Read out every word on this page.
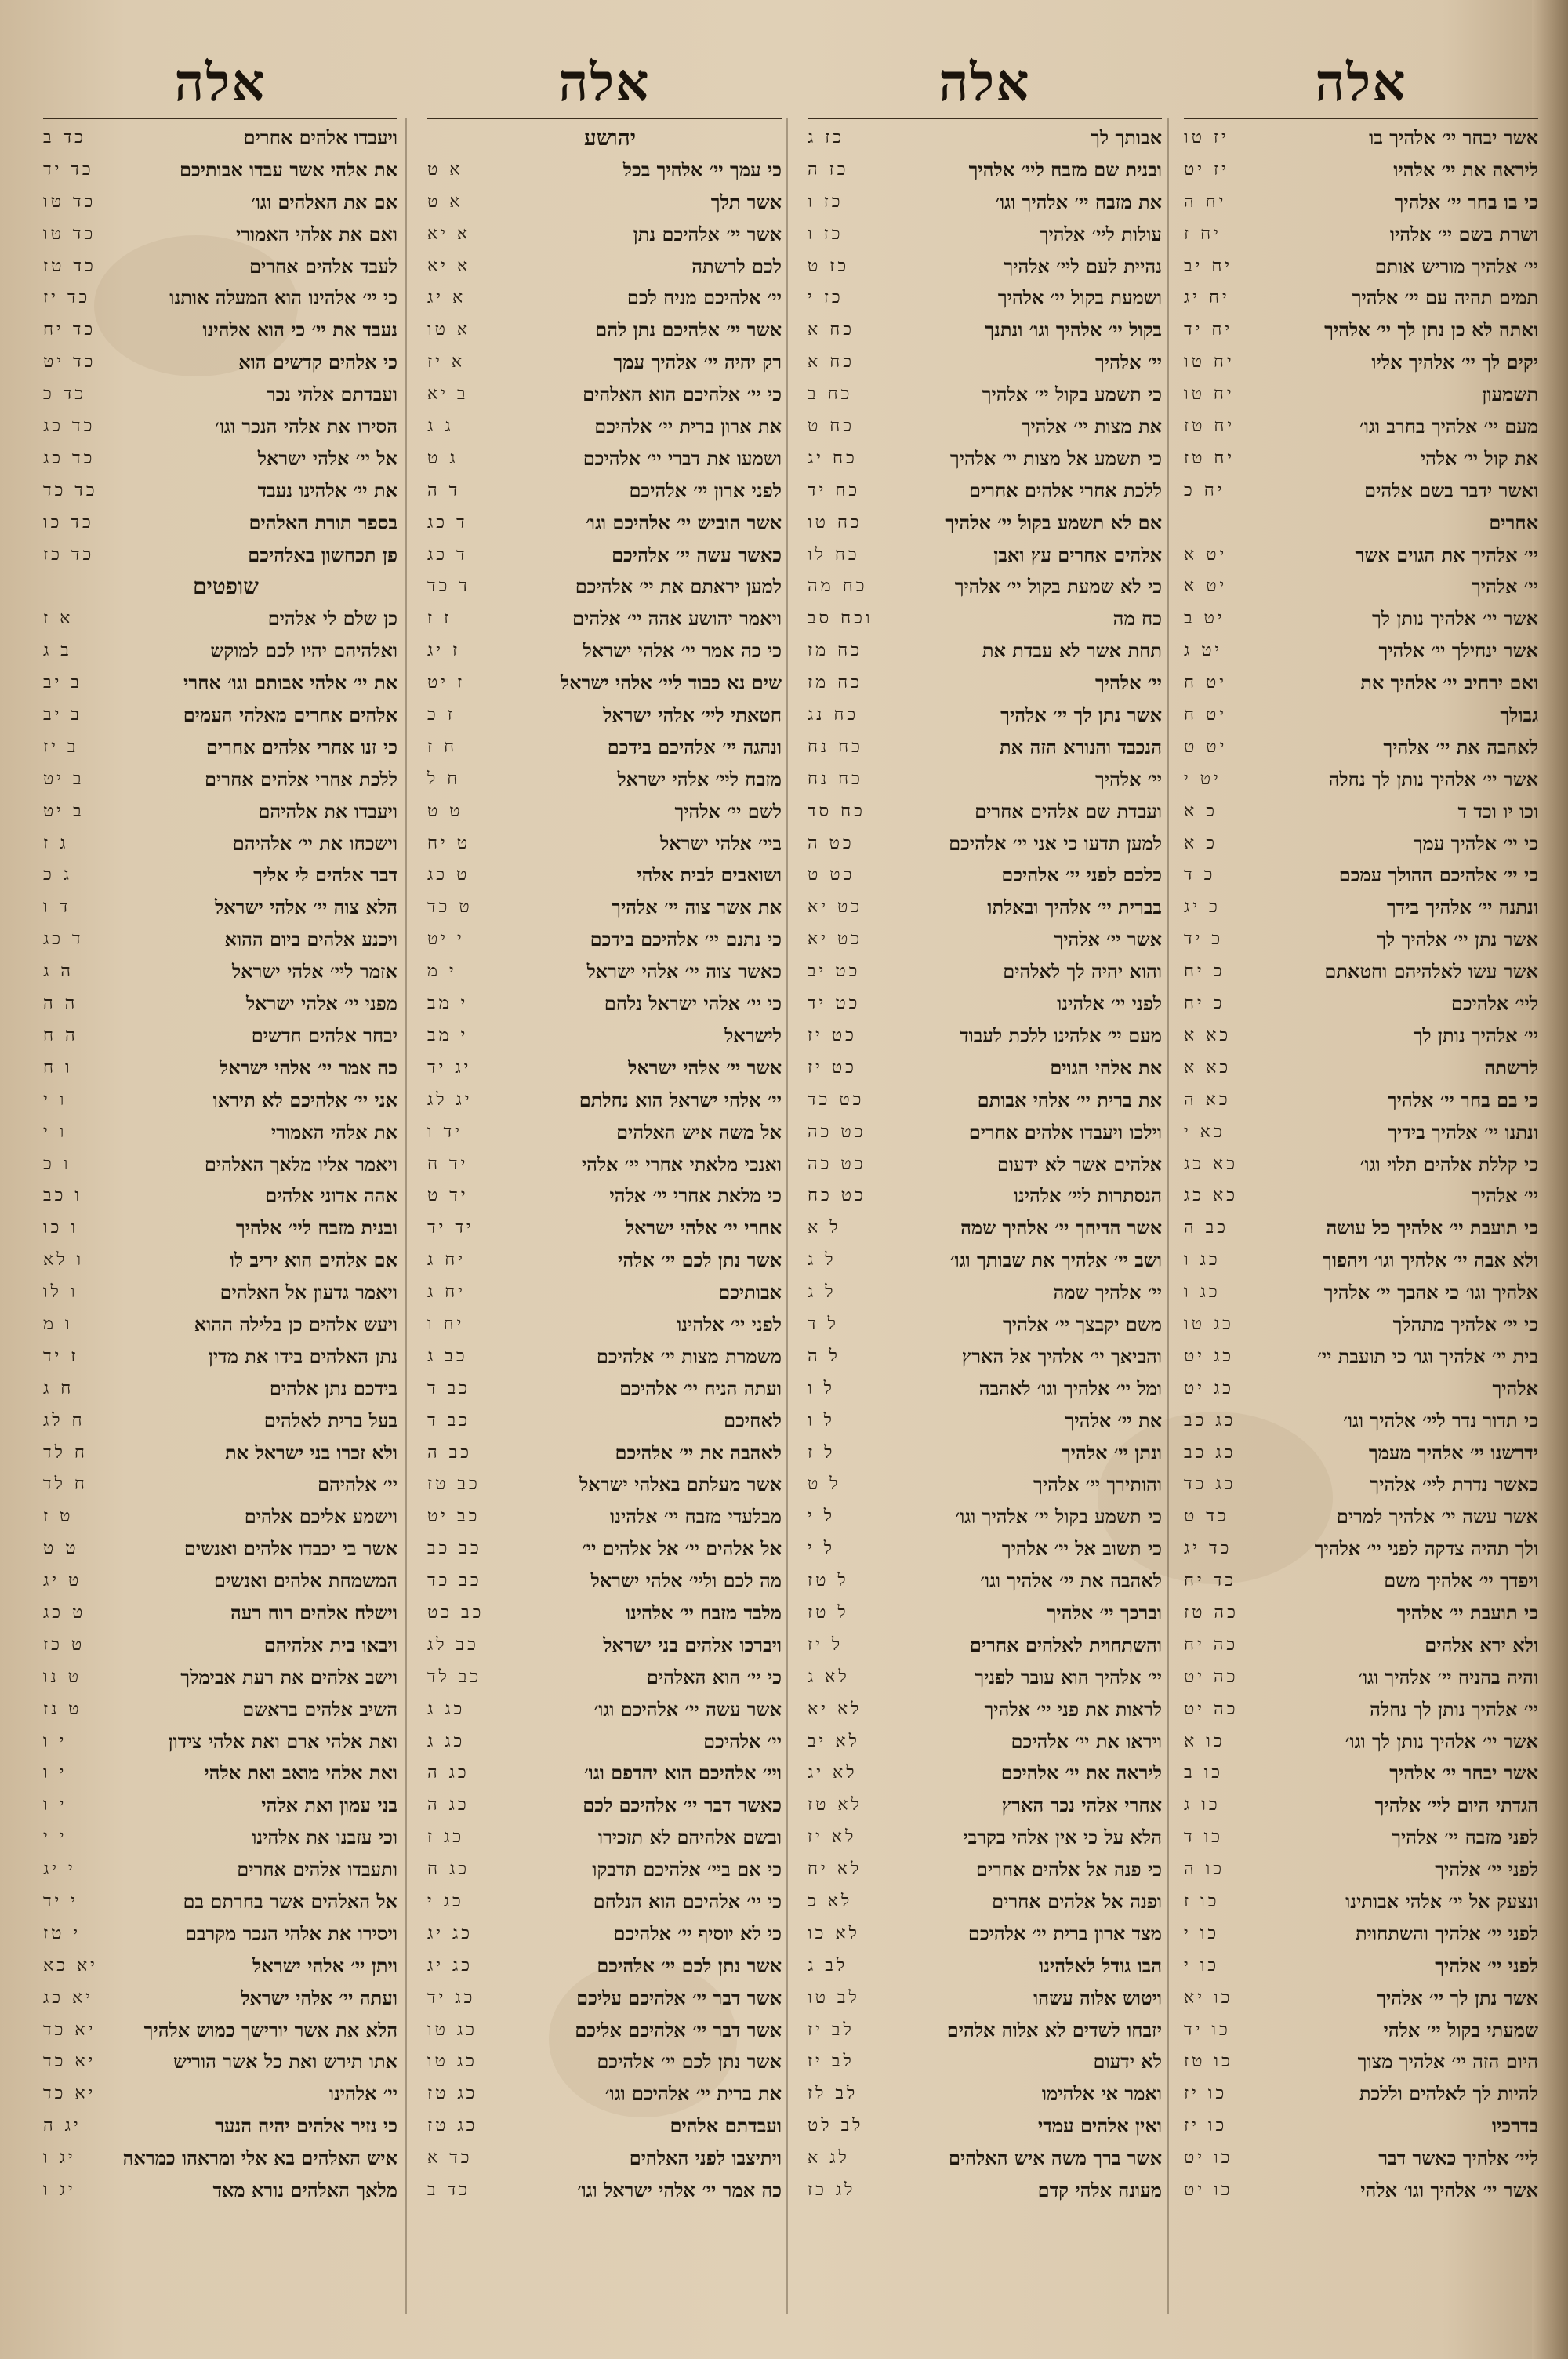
אלה
אשר יבחר יי׳ אלהיך בו
יז טו
ליראה את יי׳ אלהיו
יז יט
כי בו בחר יי׳ אלהיך
יח ה
ושרת בשם יי׳ אלהיו
יח ז
יי׳ אלהיך מוריש אותם
יח יב
תמים תהיה עם יי׳ אלהיך
יח יג
ואתה לא כן נתן לך יי׳ אלהיך
יח יד
יקים לך יי׳ אלהיך אליו
יח טו
תשמעון
יח טו
מעם יי׳ אלהיך בחרב וגו׳
יח טז
את קול יי׳ אלהי
יח טז
ואשר ידבר בשם אלהים
יח כ
אחרים
יי׳ אלהיך את הגוים אשר
יט א
יי׳ אלהיך
יט א
אשר יי׳ אלהיך נותן לך
יט ב
אשר ינחילך יי׳ אלהיך
יט ג
ואם ירחיב יי׳ אלהיך את
יט ח
גבולך
יט ח
לאהבה את יי׳ אלהיך
יט ט
אשר יי׳ אלהיך נותן לך נחלה
יט י
וכו יו וכד ד
כ א
כי יי׳ אלהיך עמך
כ א
כי יי׳ אלהיכם ההולך עמכם
כ ד
ונתנה יי׳ אלהיך בידך
כ יג
אשר נתן יי׳ אלהיך לך
כ יד
אשר עשו לאלהיהם וחטאתם
כ יח
ליי׳ אלהיכם
כ יח
יי׳ אלהיך נותן לך
כא א
לרשתה
כא א
כי בם בחר יי׳ אלהיך
כא ה
ונתנו יי׳ אלהיך בידיך
כא י
כי קללת אלהים תלוי וגו׳
כא כג
יי׳ אלהיך
כא כג
כי תועבת יי׳ אלהיך כל עושה
כב ה
ולא אבה יי׳ אלהיך וגו׳ ויהפוך
כג ו
אלהיך וגו׳ כי אהבך יי׳ אלהיך
כג ו
כי יי׳ אלהיך מתהלך
כג טו
בית יי׳ אלהיך וגו׳ כי תועבת יי׳
כג יט
אלהיך
כג יט
כי תדור נדר ליי׳ אלהיך וגו׳
כג כב
ידרשנו יי׳ אלהיך מעמך
כג כב
כאשר נדרת ליי׳ אלהיך
כג כד
אשר עשה יי׳ אלהיך למרים
כד ט
ולך תהיה צדקה לפני יי׳ אלהיך
כד יג
ויפדך יי׳ אלהיך משם
כד יח
כי תועבת יי׳ אלהיך
כה טז
ולא ירא אלהים
כה יח
והיה בהניח יי׳ אלהיך וגו׳
כה יט
יי׳ אלהיך נותן לך נחלה
כה יט
אשר יי׳ אלהיך נותן לך וגו׳
כו א
אשר יבחר יי׳ אלהיך
כו ב
הגדתי היום ליי׳ אלהיך
כו ג
לפני מזבח יי׳ אלהיך
כו ד
לפני יי׳ אלהיך
כו ה
ונצעק אל יי׳ אלהי אבותינו
כו ז
לפני יי׳ אלהיך והשתחוית
כו י
לפני יי׳ אלהיך
כו י
אשר נתן לך יי׳ אלהיך
כו יא
שמעתי בקול יי׳ אלהי
כו יד
היום הזה יי׳ אלהיך מצוך
כו טז
להיות לך לאלהים וללכת
כו יז
בדרכיו
כו יז
ליי׳ אלהיך כאשר דבר
כו יט
אשר יי׳ אלהיך וגו׳ אלהי
כו יט
אלה
אבותך לך
כז ג
ובנית שם מזבח ליי׳ אלהיך
כז ה
את מזבח יי׳ אלהיך וגו׳
כז ו
עולות ליי׳ אלהיך
כז ו
נהיית לעם ליי׳ אלהיך
כז ט
ושמעת בקול יי׳ אלהיך
כז י
בקול יי׳ אלהיך וגו׳ ונתנך
כח א
יי׳ אלהיך
כח א
כי תשמע בקול יי׳ אלהיך
כח ב
את מצות יי׳ אלהיך
כח ט
כי תשמע אל מצות יי׳ אלהיך
כח יג
ללכת אחרי אלהים אחרים
כח יד
אם לא תשמע בקול יי׳ אלהיך
כח טו
אלהים אחרים עץ ואבן
כח לו
כי לא שמעת בקול יי׳ אלהיך
כח מה
כח מה
וכח סב
תחת אשר לא עבדת את
כח מז
יי׳ אלהיך
כח מז
אשר נתן לך יי׳ אלהיך
כח נג
הנכבד והנורא הזה את
כח נח
יי׳ אלהיך
כח נח
ועבדת שם אלהים אחרים
כח סד
למען תדעו כי אני יי׳ אלהיכם
כט ה
כלכם לפני יי׳ אלהיכם
כט ט
בברית יי׳ אלהיך ובאלתו
כט יא
אשר יי׳ אלהיך
כט יא
והוא יהיה לך לאלהים
כט יב
לפני יי׳ אלהינו
כט יד
מעם יי׳ אלהינו ללכת לעבוד
כט יז
את אלהי הגוים
כט יז
את ברית יי׳ אלהי אבותם
כט כד
וילכו ויעבדו אלהים אחרים
כט כה
אלהים אשר לא ידעום
כט כה
הנסתרות ליי׳ אלהינו
כט כח
אשר הדיחך יי׳ אלהיך שמה
ל א
ושב יי׳ אלהיך את שבותך וגו׳
ל ג
יי׳ אלהיך שמה
ל ג
משם יקבצך יי׳ אלהיך
ל ד
והביאך יי׳ אלהיך אל הארץ
ל ה
ומל יי׳ אלהיך וגו׳ לאהבה
ל ו
את יי׳ אלהיך
ל ו
ונתן יי׳ אלהיך
ל ז
והותירך יי׳ אלהיך
ל ט
כי תשמע בקול יי׳ אלהיך וגו׳
ל י
כי תשוב אל יי׳ אלהיך
ל י
לאהבה את יי׳ אלהיך וגו׳
ל טז
וברכך יי׳ אלהיך
ל טז
והשתחוית לאלהים אחרים
ל יז
יי׳ אלהיך הוא עובר לפניך
לא ג
לראות את פני יי׳ אלהיך
לא יא
ויראו את יי׳ אלהיכם
לא יב
ליראה את יי׳ אלהיכם
לא יג
אחרי אלהי נכר הארץ
לא טז
הלא על כי אין אלהי בקרבי
לא יז
כי פנה אל אלהים אחרים
לא יח
ופנה אל אלהים אחרים
לא כ
מצד ארון ברית יי׳ אלהיכם
לא כו
הבו גודל לאלהינו
לב ג
ויטוש אלוה עשהו
לב טו
יזבחו לשדים לא אלוה אלהים
לב יז
לא ידעום
לב יז
ואמר אי אלהימו
לב לז
ואין אלהים עמדי
לב לט
אשר ברך משה איש האלהים
לג א
מעונה אלהי קדם
לג כז
אלה
יהושע
כי עמך יי׳ אלהיך בכל
א ט
אשר תלך
א ט
אשר יי׳ אלהיכם נתן
א יא
לכם לרשתה
א יא
יי׳ אלהיכם מניח לכם
א יג
אשר יי׳ אלהיכם נתן להם
א טו
רק יהיה יי׳ אלהיך עמך
א יז
כי יי׳ אלהיכם הוא האלהים
ב יא
את ארון ברית יי׳ אלהיכם
ג ג
ושמעו את דברי יי׳ אלהיכם
ג ט
לפני ארון יי׳ אלהיכם
ד ה
אשר הוביש יי׳ אלהיכם וגו׳
ד כג
כאשר עשה יי׳ אלהיכם
ד כג
למען יראתם את יי׳ אלהיכם
ד כד
ויאמר יהושע אהה יי׳ אלהים
ז ז
כי כה אמר יי׳ אלהי ישראל
ז יג
שים נא כבוד ליי׳ אלהי ישראל
ז יט
חטאתי ליי׳ אלהי ישראל
ז כ
ונהגה יי׳ אלהיכם בידכם
ח ז
מזבח ליי׳ אלהי ישראל
ח ל
לשם יי׳ אלהיך
ט ט
ביי׳ אלהי ישראל
ט יח
ושואבים לבית אלהי
ט כג
את אשר צוה יי׳ אלהיך
ט כד
כי נתנם יי׳ אלהיכם בידכם
י יט
כאשר צוה יי׳ אלהי ישראל
י מ
כי יי׳ אלהי ישראל נלחם
י מב
לישראל
י מב
אשר יי׳ אלהי ישראל
יג יד
יי׳ אלהי ישראל הוא נחלתם
יג לג
אל משה איש האלהים
יד ו
ואנכי מלאתי אחרי יי׳ אלהי
יד ח
כי מלאת אחרי יי׳ אלהי
יד ט
אחרי יי׳ אלהי ישראל
יד יד
אשר נתן לכם יי׳ אלהי
יח ג
אבותיכם
יח ג
לפני יי׳ אלהינו
יח ו
משמרת מצות יי׳ אלהיכם
כב ג
ועתה הניח יי׳ אלהיכם
כב ד
לאחיכם
כב ד
לאהבה את יי׳ אלהיכם
כב ה
אשר מעלתם באלהי ישראל
כב טז
מבלעדי מזבח יי׳ אלהינו
כב יט
אל אלהים יי׳ אל אלהים יי׳
כב כב
מה לכם וליי׳ אלהי ישראל
כב כד
מלבד מזבח יי׳ אלהינו
כב כט
ויברכו אלהים בני ישראל
כב לג
כי יי׳ הוא האלהים
כב לד
אשר עשה יי׳ אלהיכם וגו׳
כג ג
יי׳ אלהיכם
כג ג
ויי׳ אלהיכם הוא יהדפם וגו׳
כג ה
כאשר דבר יי׳ אלהיכם לכם
כג ה
ובשם אלהיהם לא תזכירו
כג ז
כי אם ביי׳ אלהיכם תדבקו
כג ח
כי יי׳ אלהיכם הוא הנלחם
כג י
כי לא יוסיף יי׳ אלהיכם
כג יג
אשר נתן לכם יי׳ אלהיכם
כג יג
אשר דבר יי׳ אלהיכם עליכם
כג יד
אשר דבר יי׳ אלהיכם אליכם
כג טו
אשר נתן לכם יי׳ אלהיכם
כג טו
את ברית יי׳ אלהיכם וגו׳
כג טז
ועבדתם אלהים
כג טז
ויתיצבו לפני האלהים
כד א
כה אמר יי׳ אלהי ישראל וגו׳
כד ב
אלה
ויעבדו אלהים אחרים
כד ב
את אלהי אשר עבדו אבותיכם
כד יד
אם את האלהים וגו׳
כד טו
ואם את אלהי האמורי
כד טו
לעבד אלהים אחרים
כד טז
כי יי׳ אלהינו הוא המעלה אותנו
כד יז
נעבד את יי׳ כי הוא אלהינו
כד יח
כי אלהים קדשים הוא
כד יט
ועבדתם אלהי נכר
כד כ
הסירו את אלהי הנכר וגו׳
כד כג
אל יי׳ אלהי ישראל
כד כג
את יי׳ אלהינו נעבד
כד כד
בספר תורת האלהים
כד כו
פן תכחשון באלהיכם
כד כז
שופטים
כן שלם לי אלהים
א ז
ואלהיהם יהיו לכם למוקש
ב ג
את יי׳ אלהי אבותם וגו׳ אחרי
ב יב
אלהים אחרים מאלהי העמים
ב יב
כי זנו אחרי אלהים אחרים
ב יז
ללכת אחרי אלהים אחרים
ב יט
ויעבדו את אלהיהם
ב יט
וישכחו את יי׳ אלהיהם
ג ז
דבר אלהים לי אליך
ג כ
הלא צוה יי׳ אלהי ישראל
ד ו
ויכנע אלהים ביום ההוא
ד כג
אזמר ליי׳ אלהי ישראל
ה ג
מפני יי׳ אלהי ישראל
ה ה
יבחר אלהים חדשים
ה ח
כה אמר יי׳ אלהי ישראל
ו ח
אני יי׳ אלהיכם לא תיראו
ו י
את אלהי האמורי
ו י
ויאמר אליו מלאך האלהים
ו כ
אהה אדוני אלהים
ו כב
ובנית מזבח ליי׳ אלהיך
ו כו
אם אלהים הוא יריב לו
ו לא
ויאמר גדעון אל האלהים
ו לו
ויעש אלהים כן בלילה ההוא
ו מ
נתן האלהים בידו את מדין
ז יד
בידכם נתן אלהים
ח ג
בעל ברית לאלהים
ח לג
ולא זכרו בני ישראל את
ח לד
יי׳ אלהיהם
ח לד
וישמע אליכם אלהים
ט ז
אשר בי יכבדו אלהים ואנשים
ט ט
המשמחת אלהים ואנשים
ט יג
וישלח אלהים רוח רעה
ט כג
ויבאו בית אלהיהם
ט כז
וישב אלהים את רעת אבימלך
ט נו
השיב אלהים בראשם
ט נז
ואת אלהי ארם ואת אלהי צידון
י ו
ואת אלהי מואב ואת אלהי
י ו
בני עמון ואת אלהי
י ו
וכי עזבנו את אלהינו
י י
ותעבדו אלהים אחרים
י יג
אל האלהים אשר בחרתם בם
י יד
ויסירו את אלהי הנכר מקרבם
י טז
ויתן יי׳ אלהי ישראל
יא כא
ועתה יי׳ אלהי ישראל
יא כג
הלא את אשר יורישך כמוש אלהיך
יא כד
אתו תירש ואת כל אשר הוריש
יא כד
יי׳ אלהינו
יא כד
כי נזיר אלהים יהיה הנער
יג ה
איש האלהים בא אלי ומראהו כמראה
יג ו
מלאך האלהים נורא מאד
יג ו
